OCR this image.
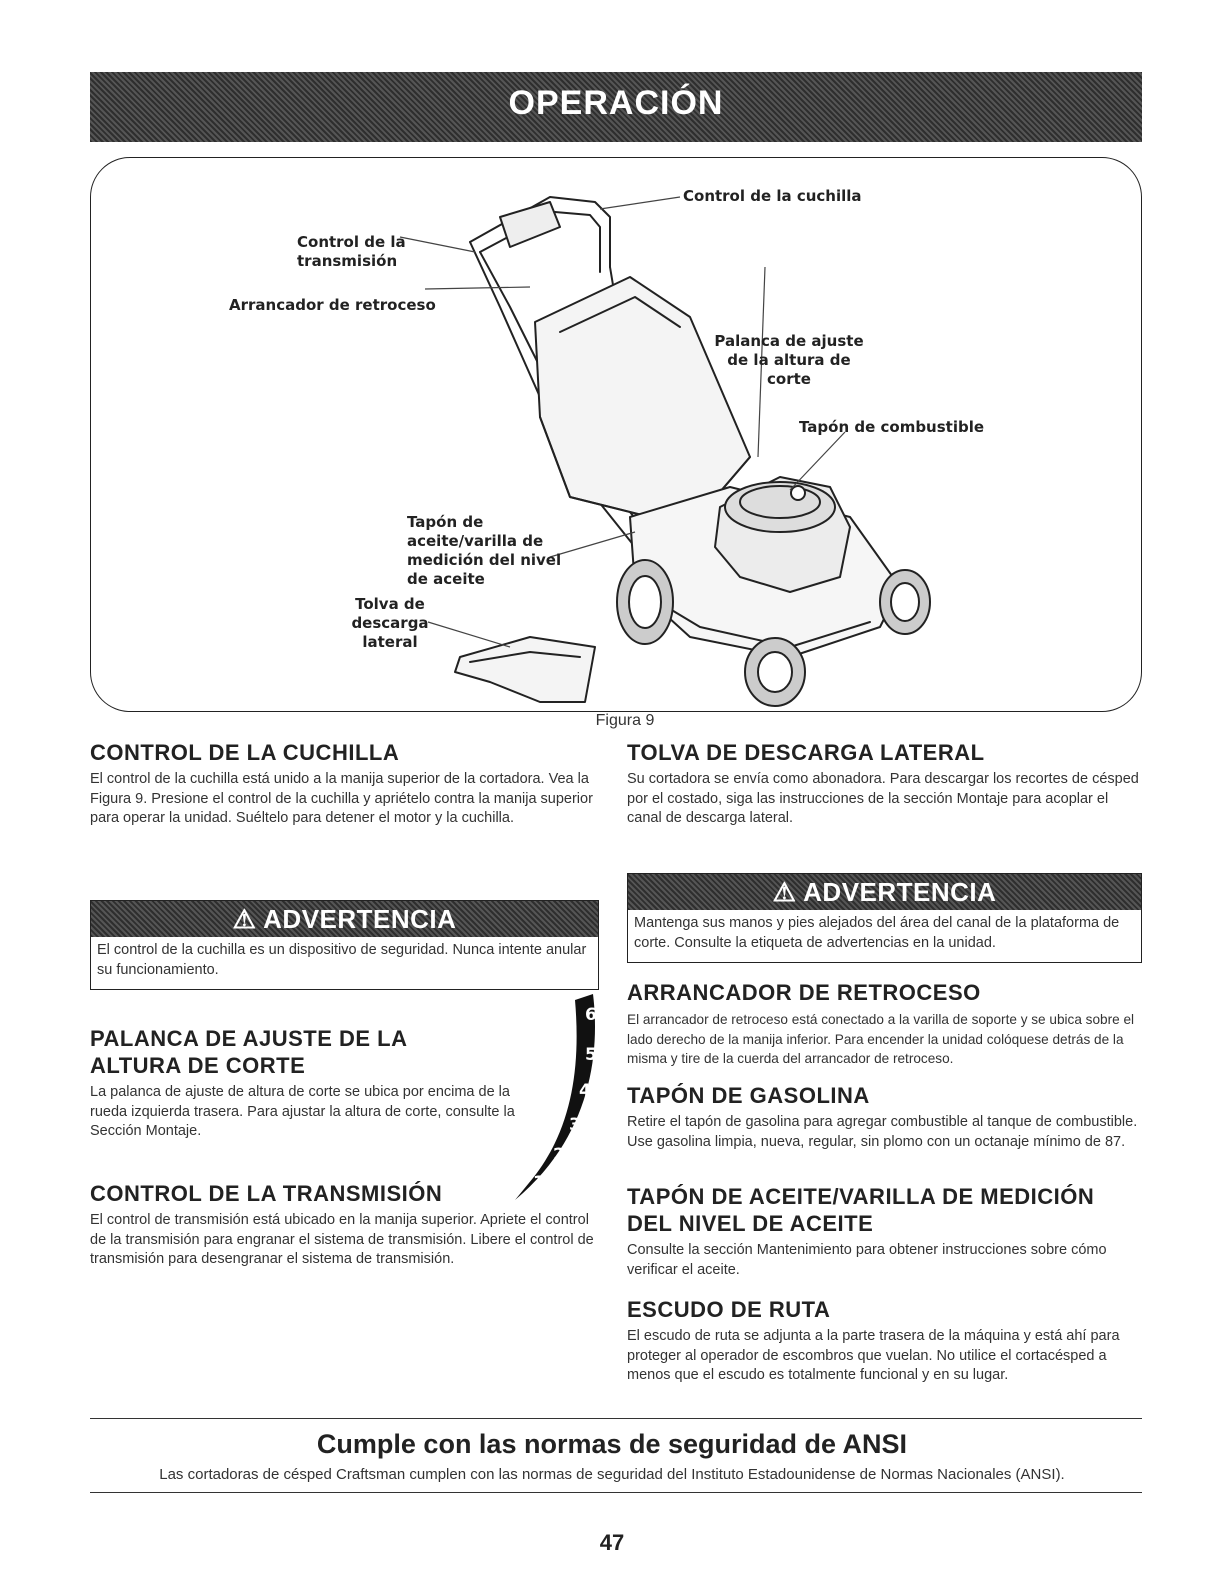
OPERACIÓN
Control de la cuchilla
Control de la transmisión
Palanca de ajuste de la altura de corte
Arrancador de retroceso
Tapón de combustible
Tapón de aceite/varilla de medición del nivel de aceite
Tolva de descarga lateral
Figura 9
CONTROL DE LA CUCHILLA

El control de la cuchilla está unido a la manija superior de la cortadora. Vea la Figura 9. Presione el control de la cuchilla y apriételo contra la manija superior para operar la unidad. Suéltelo para detener el motor y la cuchilla.

⚠ ADVERTENCIA
El control de la cuchilla es un dispositivo de seguridad. Nunca intente anular su funcionamiento.
PALANCA DE AJUSTE DE LA
ALTURA DE CORTE

La palanca de ajuste de altura de corte se ubica por encima de la rueda izquierda trasera. Para ajustar la altura de corte, consulte la Sección Montaje.

6
5
4
3
2
1
CONTROL DE LA TRANSMISIÓN

El control de transmisión está ubicado en la manija superior. Apriete el control de la transmisión para engranar el sistema de transmisión. Libere el control de transmisión para desengranar el sistema de transmisión.

TOLVA DE DESCARGA LATERAL

Su cortadora se envía como abonadora. Para descargar los recortes de césped por el costado, siga las instrucciones de la sección Montaje para acoplar el canal de descarga lateral.

⚠ ADVERTENCIA
Mantenga sus manos y pies alejados del área del canal de la plataforma de corte. Consulte la etiqueta de advertencias en la unidad.
ARRANCADOR DE RETROCESO

El arrancador de retroceso está conectado a la varilla de soporte y se ubica sobre el lado derecho de la manija inferior. Para encender la unidad colóquese detrás de la misma y tire de la cuerda del arrancador de retroceso.

TAPÓN DE GASOLINA

Retire el tapón de gasolina para agregar combustible al tanque de combustible. Use gasolina limpia, nueva, regular, sin plomo con un octanaje mínimo de 87.

TAPÓN DE ACEITE/VARILLA DE MEDICIÓN
DEL NIVEL DE ACEITE

Consulte la sección Mantenimiento para obtener instrucciones sobre cómo verificar el aceite.

ESCUDO DE RUTA

El escudo de ruta se adjunta a la parte trasera de la máquina y está ahí para proteger al operador de escombros que vuelan. No utilice el cortacésped a menos que el escudo es totalmente funcional y en su lugar.

Cumple con las normas de seguridad de ANSI
Las cortadoras de césped Craftsman cumplen con las normas de seguridad del Instituto Estadounidense de Normas Nacionales (ANSI).
47
